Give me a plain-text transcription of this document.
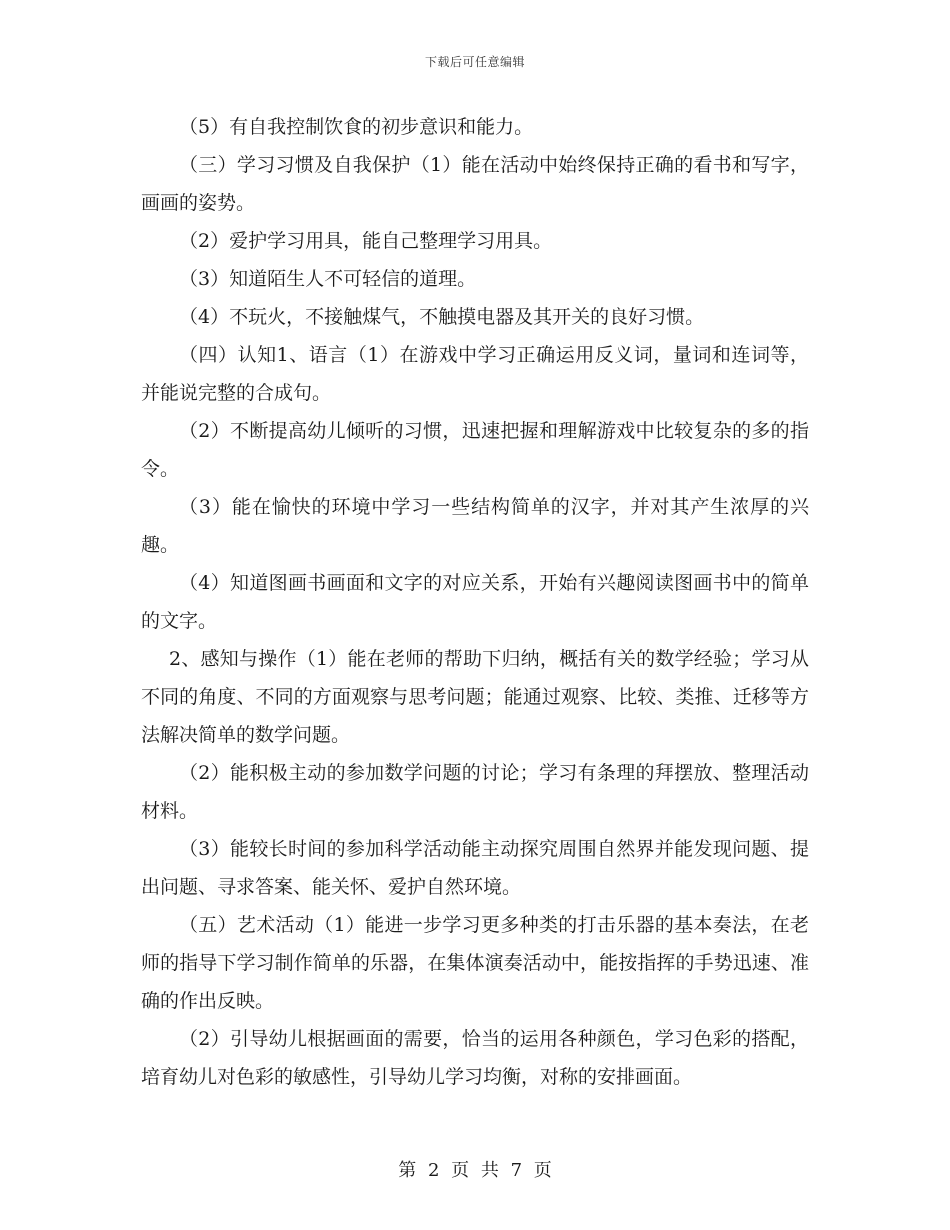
下载后可任意编辑

（5）有自我控制饮食的初步意识和能力。

（三）学习习惯及自我保护（1）能在活动中始终保持正确的看书和写字，画画的姿势。

（2）爱护学习用具，能自己整理学习用具。

（3）知道陌生人不可轻信的道理。

（4）不玩火，不接触煤气，不触摸电器及其开关的良好习惯。

（四）认知1、语言（1）在游戏中学习正确运用反义词，量词和连词等，并能说完整的合成句。

（2）不断提高幼儿倾听的习惯，迅速把握和理解游戏中比较复杂的多的指令。

（3）能在愉快的环境中学习一些结构简单的汉字，并对其产生浓厚的兴趣。

（4）知道图画书画面和文字的对应关系，开始有兴趣阅读图画书中的简单的文字。

2、感知与操作（1）能在老师的帮助下归纳，概括有关的数学经验；学习从不同的角度、不同的方面观察与思考问题；能通过观察、比较、类推、迁移等方法解决简单的数学问题。

（2）能积极主动的参加数学问题的讨论；学习有条理的拜摆放、整理活动材料。

（3）能较长时间的参加科学活动能主动探究周围自然界并能发现问题、提出问题、寻求答案、能关怀、爱护自然环境。

（五）艺术活动（1）能进一步学习更多种类的打击乐器的基本奏法，在老师的指导下学习制作简单的乐器，在集体演奏活动中，能按指挥的手势迅速、准确的作出反映。

（2）引导幼儿根据画面的需要，恰当的运用各种颜色，学习色彩的搭配，培育幼儿对色彩的敏感性，引导幼儿学习均衡，对称的安排画面。

第 2 页 共 7 页
